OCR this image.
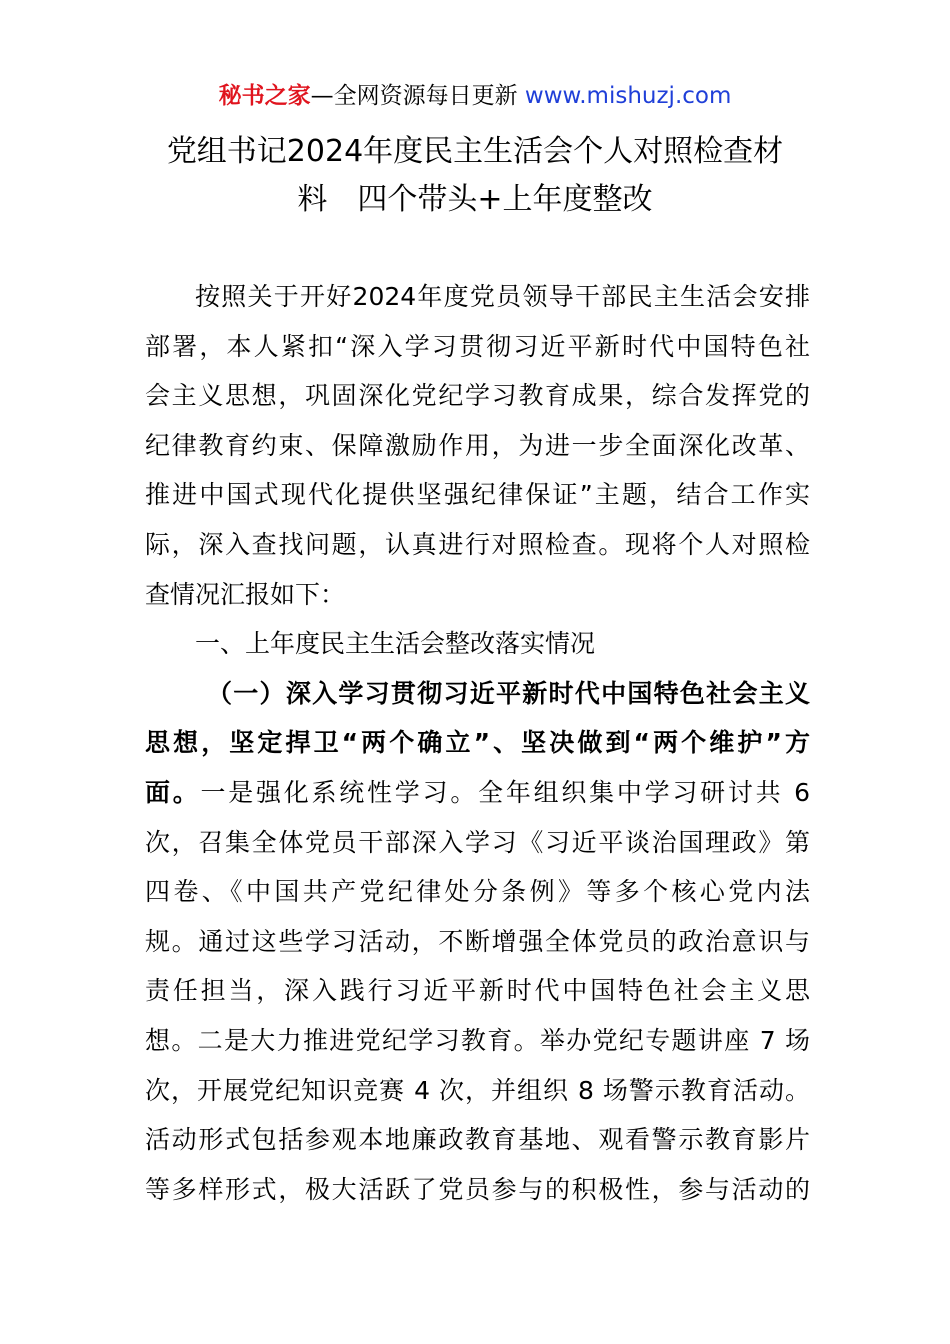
秘书之家—全网资源每日更新 www.mishuzj.com
党组书记2024年度民主生活会个人对照检查材
料　四个带头+上年度整改

按照关于开好2024年度党员领导干部民主生活会安排

部署，本人紧扣“深入学习贯彻习近平新时代中国特色社

会主义思想，巩固深化党纪学习教育成果，综合发挥党的

纪律教育约束、保障激励作用，为进一步全面深化改革、

推进中国式现代化提供坚强纪律保证”主题，结合工作实

际，深入查找问题，认真进行对照检查。现将个人对照检

查情况汇报如下：

一、上年度民主生活会整改落实情况

（一）深入学习贯彻习近平新时代中国特色社会主义

思想，坚定捍卫“两个确立”、坚决做到“两个维护”方

面。一是强化系统性学习。全年组织集中学习研讨共 6

次，召集全体党员干部深入学习《习近平谈治国理政》第

四卷、《中国共产党纪律处分条例》等多个核心党内法

规。通过这些学习活动，不断增强全体党员的政治意识与

责任担当，深入践行习近平新时代中国特色社会主义思

想。二是大力推进党纪学习教育。举办党纪专题讲座 7 场

次，开展党纪知识竞赛 4 次，并组织 8 场警示教育活动。

活动形式包括参观本地廉政教育基地、观看警示教育影片

等多样形式，极大活跃了党员参与的积极性，参与活动的
